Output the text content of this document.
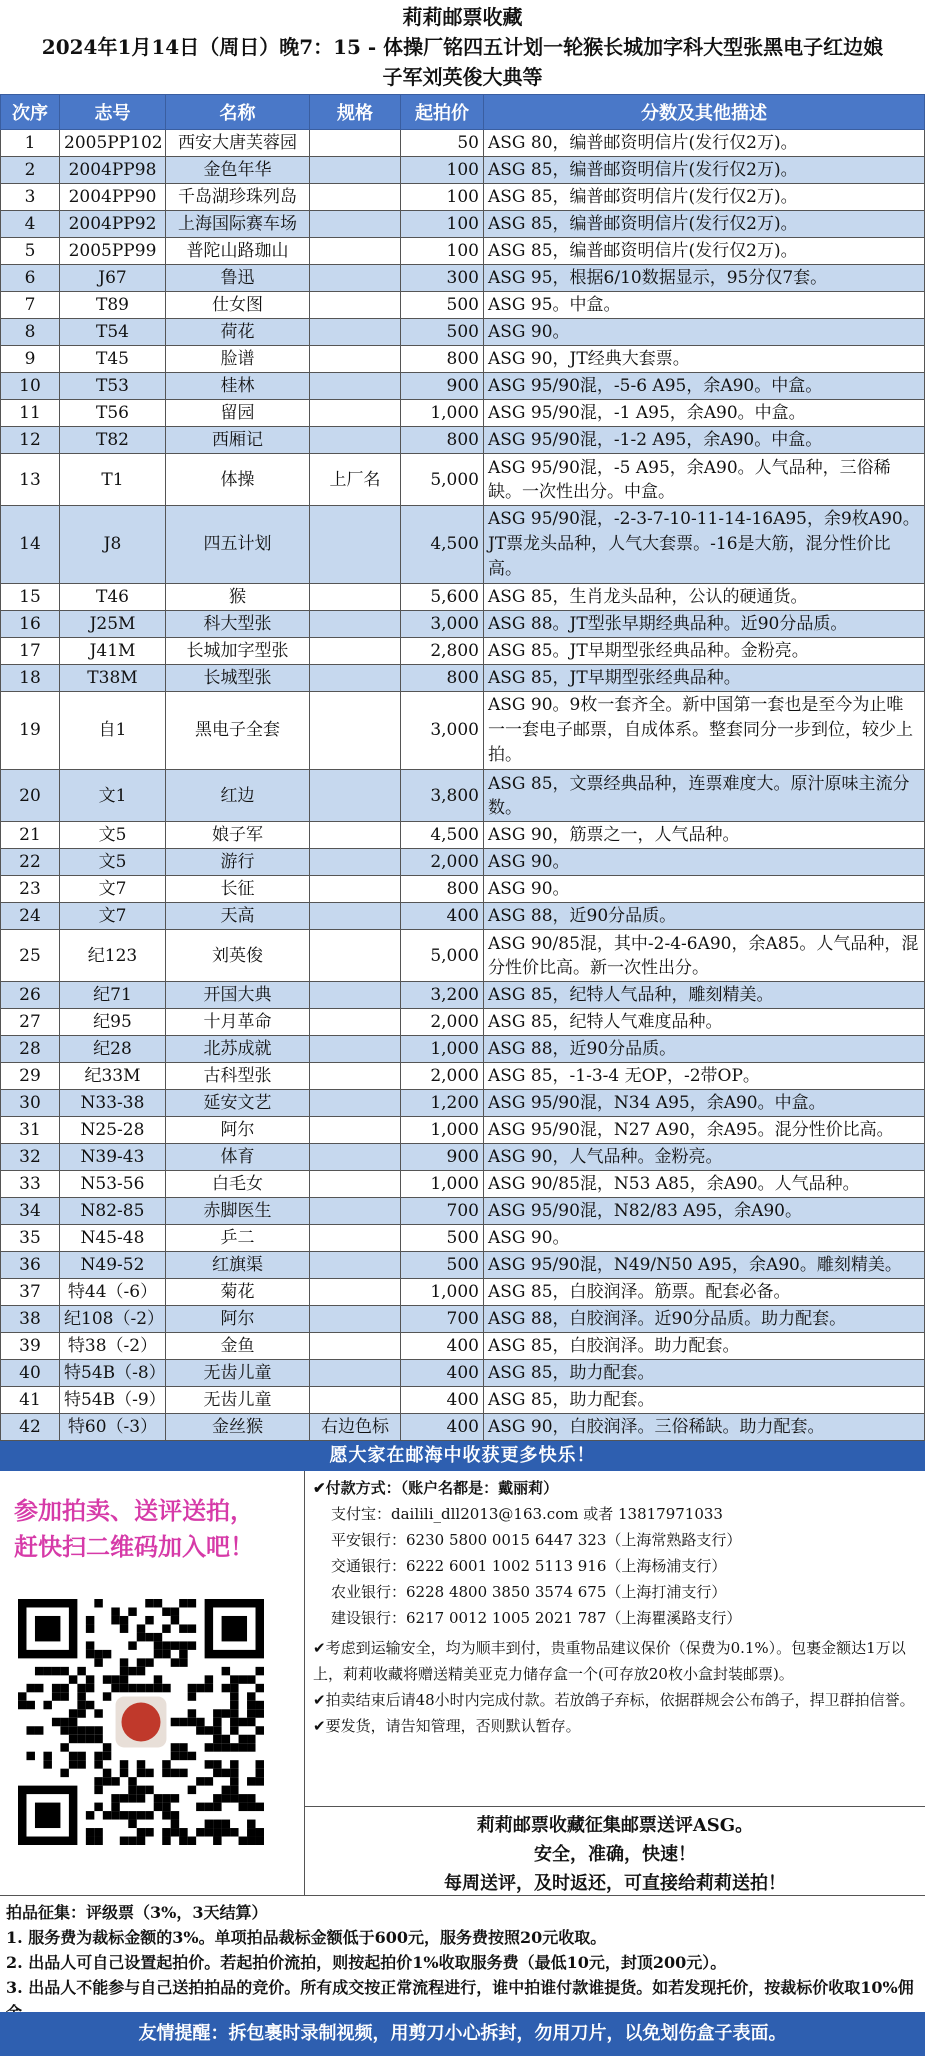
莉莉邮票收藏
2024年1月14日（周日）晚7：15 - 体操厂铭四五计划一轮猴长城加字科大型张黑电子红边娘
子军刘英俊大典等
次序	志号	名称	规格	起拍价	分数及其他描述
1	2005PP102	西安大唐芙蓉园		50	ASG 80，编普邮资明信片(发行仅2万)。
2	2004PP98	金色年华		100	ASG 85，编普邮资明信片(发行仅2万)。
3	2004PP90	千岛湖珍珠列岛		100	ASG 85，编普邮资明信片(发行仅2万)。
4	2004PP92	上海国际赛车场		100	ASG 85，编普邮资明信片(发行仅2万)。
5	2005PP99	普陀山路珈山		100	ASG 85，编普邮资明信片(发行仅2万)。
6	J67	鲁迅		300	ASG 95，根据6/10数据显示，95分仅7套。
7	T89	仕女图		500	ASG 95。中盒。
8	T54	荷花		500	ASG 90。
9	T45	脸谱		800	ASG 90，JT经典大套票。
10	T53	桂林		900	ASG 95/90混，-5-6 A95，余A90。中盒。
11	T56	留园		1,000	ASG 95/90混，-1 A95，余A90。中盒。
12	T82	西厢记		800	ASG 95/90混，-1-2 A95，余A90。中盒。
13	T1	体操	上厂名	5,000	ASG 95/90混，-5 A95，余A90。人气品种，三俗稀缺。一次性出分。中盒。
14	J8	四五计划		4,500	ASG 95/90混，-2-3-7-10-11-14-16A95，余9枚A90。JT票龙头品种，人气大套票。-16是大筋，混分性价比高。
15	T46	猴		5,600	ASG 85，生肖龙头品种，公认的硬通货。
16	J25M	科大型张		3,000	ASG 88。JT型张早期经典品种。近90分品质。
17	J41M	长城加字型张		2,800	ASG 85。JT早期型张经典品种。金粉亮。
18	T38M	长城型张		800	ASG 85，JT早期型张经典品种。
19	自1	黑电子全套		3,000	ASG 90。9枚一套齐全。新中国第一套也是至今为止唯一一套电子邮票，自成体系。整套同分一步到位，较少上拍。
20	文1	红边		3,800	ASG 85，文票经典品种，连票难度大。原汁原味主流分数。
21	文5	娘子军		4,500	ASG 90，筋票之一，人气品种。
22	文5	游行		2,000	ASG 90。
23	文7	长征		800	ASG 90。
24	文7	天高		400	ASG 88，近90分品质。
25	纪123	刘英俊		5,000	ASG 90/85混，其中-2-4-6A90，余A85。人气品种，混分性价比高。新一次性出分。
26	纪71	开国大典		3,200	ASG 85，纪特人气品种，雕刻精美。
27	纪95	十月革命		2,000	ASG 85，纪特人气难度品种。
28	纪28	北苏成就		1,000	ASG 88，近90分品质。
29	纪33M	古科型张		2,000	ASG 85，-1-3-4 无OP，-2带OP。
30	N33-38	延安文艺		1,200	ASG 95/90混，N34 A95，余A90。中盒。
31	N25-28	阿尔		1,000	ASG 95/90混，N27 A90，余A95。混分性价比高。
32	N39-43	体育		900	ASG 90，人气品种。金粉亮。
33	N53-56	白毛女		1,000	ASG 90/85混，N53 A85，余A90。人气品种。
34	N82-85	赤脚医生		700	ASG 95/90混，N82/83 A95，余A90。
35	N45-48	乒二		500	ASG 90。
36	N49-52	红旗渠		500	ASG 95/90混，N49/N50 A95，余A90。雕刻精美。
37	特44（-6）	菊花		1,000	ASG 85，白胶润泽。筋票。配套必备。
38	纪108（-2）	阿尔		700	ASG 88，白胶润泽。近90分品质。助力配套。
39	特38（-2）	金鱼		400	ASG 85，白胶润泽。助力配套。
40	特54B（-8）	无齿儿童		400	ASG 85，助力配套。
41	特54B（-9）	无齿儿童		400	ASG 85，助力配套。
42	特60（-3）	金丝猴	右边色标	400	ASG 90，白胶润泽。三俗稀缺。助力配套。
愿大家在邮海中收获更多快乐！
参加拍卖、送评送拍，
赶快扫二维码加入吧！
✔付款方式：（账户名都是：戴丽莉）
支付宝：dailili_dll2013@163.com 或者 13817971033
平安银行：6230 5800 0015 6447 323（上海常熟路支行）
交通银行：6222 6001 1002 5113 916（上海杨浦支行）
农业银行：6228 4800 3850 3574 675（上海打浦支行）
建设银行：6217 0012 1005 2021 787（上海瞿溪路支行）
✔考虑到运输安全，均为顺丰到付，贵重物品建议保价（保费为0.1%）。包裹金额达1万以上，莉莉收藏将赠送精美亚克力储存盒一个(可存放20枚小盒封装邮票)。
✔拍卖结束后请48小时内完成付款。若放鸽子弃标，依据群规会公布鸽子，捍卫群拍信誉。
✔要发货，请告知管理，否则默认暂存。
莉莉邮票收藏征集邮票送评ASG。
安全，准确，快速！
每周送评，及时返还，可直接给莉莉送拍！
拍品征集：评级票（3%，3天结算）
1. 服务费为裁标金额的3%。单项拍品裁标金额低于600元，服务费按照20元收取。
2. 出品人可自己设置起拍价。若起拍价流拍，则按起拍价1%收取服务费（最低10元，封顶200元）。
3. 出品人不能参与自己送拍拍品的竞价。所有成交按正常流程进行，谁中拍谁付款谁提货。如若发现托价，按裁标价收取10%佣
友情提醒：拆包裹时录制视频，用剪刀小心拆封，勿用刀片，以免划伤盒子表面。
